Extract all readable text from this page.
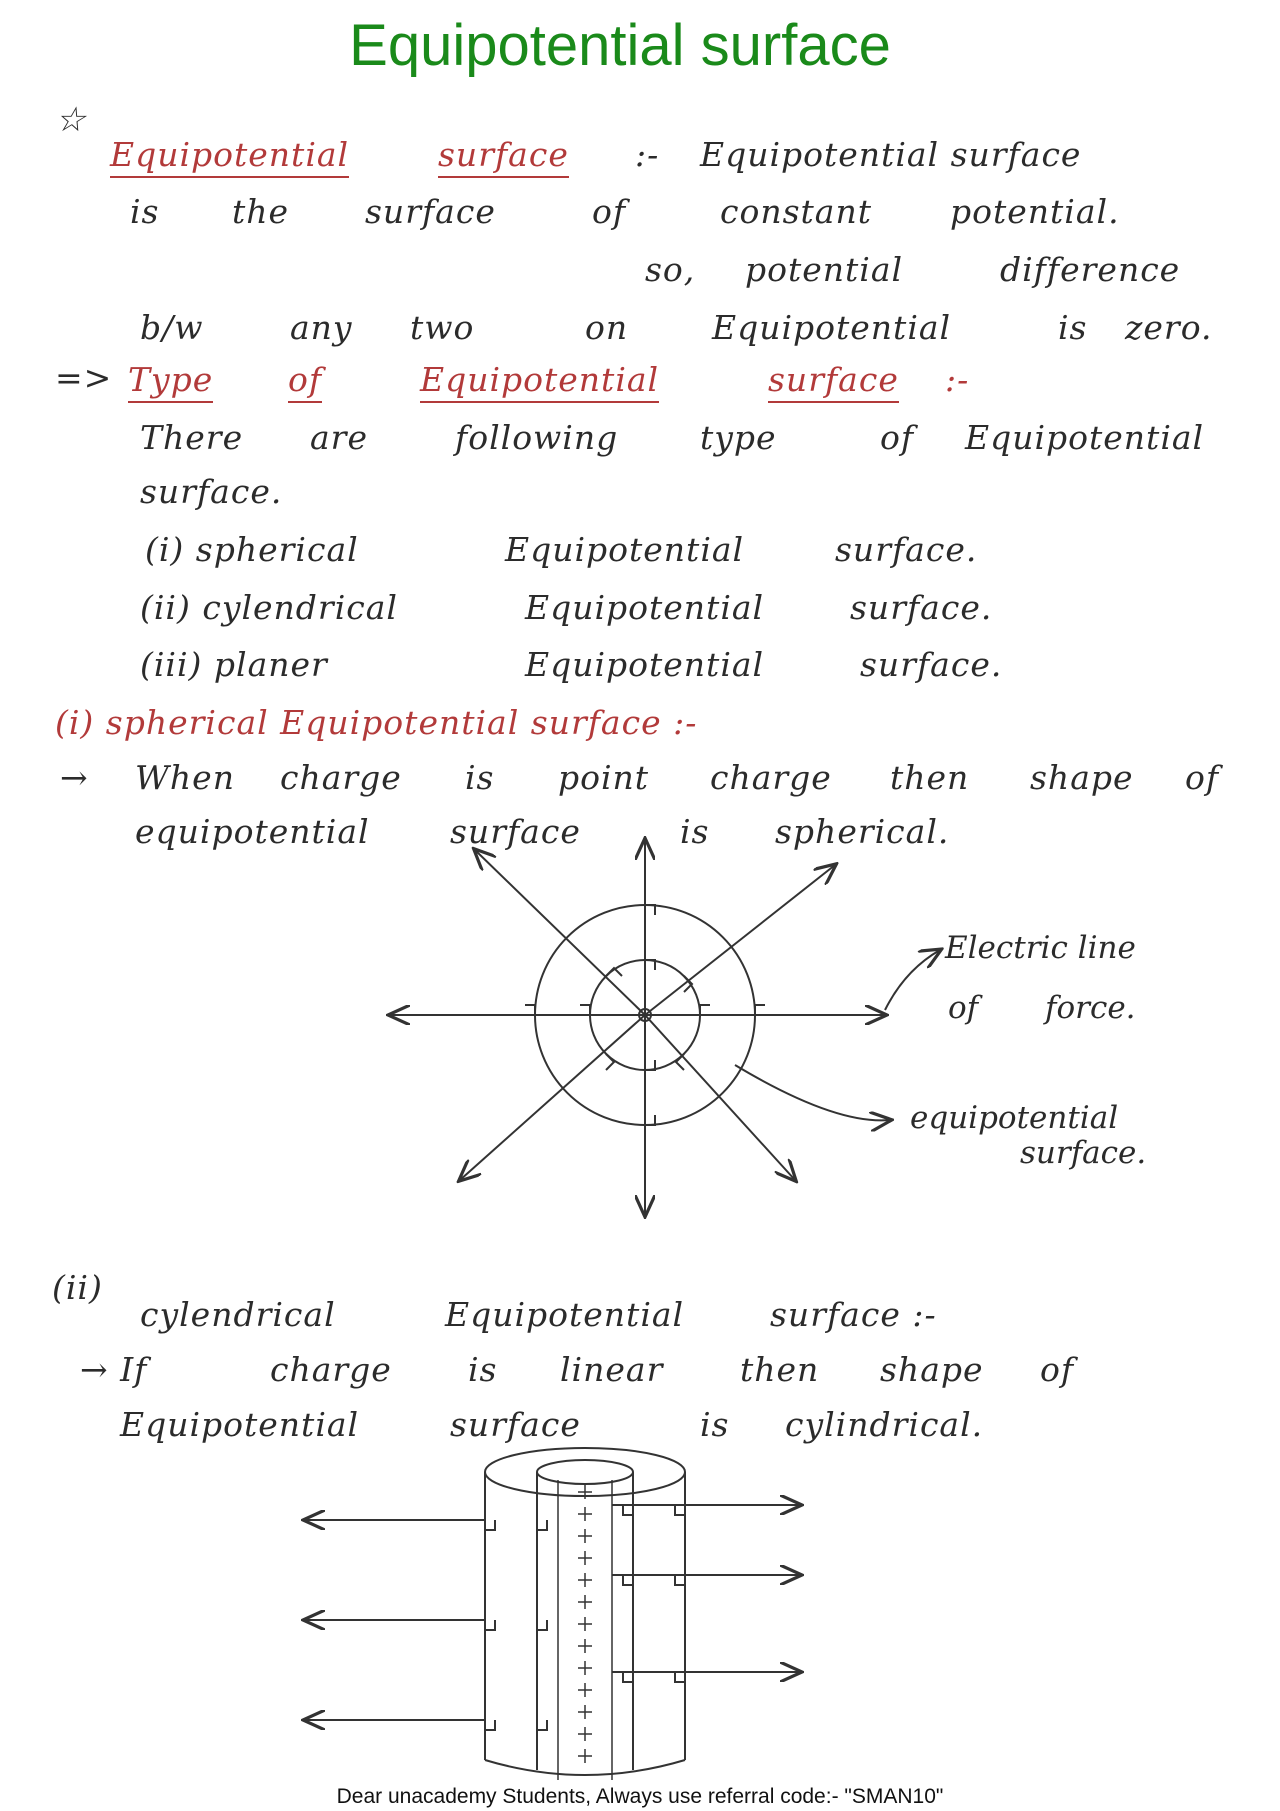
Equipotential surface
☆
Equipotential	surface :- Equipotential surface
is the surface	of	constant potential.
so, potential	difference
b/w	any two	on	Equipotential	is zero.
=> Type of	Equipotential	surface :-
There are	following type	of Equipotential
surface.
(i) spherical	Equipotential	surface.
(ii) cylendrical	Equipotential	surface.
(iii) planer	Equipotential	surface.
(i) spherical Equipotential surface :-
→ When charge is point charge then shape of
equipotential surface	is spherical.
Electric line
of force.
equipotential
surface.
(ii)
cylendrical	Equipotential	surface :-
→ If	charge is linear then shape of
Equipotential	surface	is cylindrical.
Dear unacademy Students, Always use referral code:- "SMAN10"
